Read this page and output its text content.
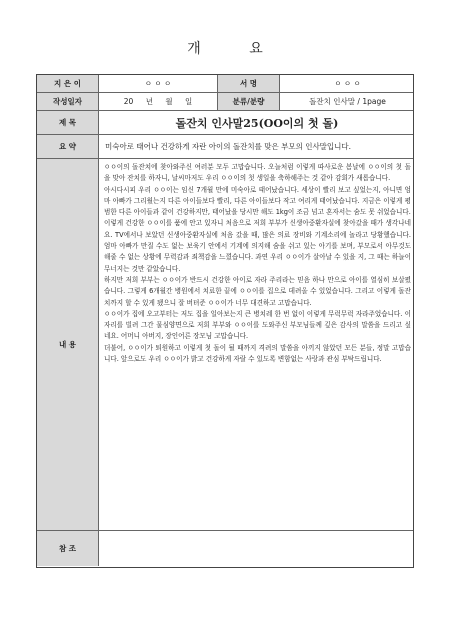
개 요
지 은 이	ㅇ ㅇ ㅇ	서 명	ㅇ ㅇ ㅇ
작성일자	20 년 월 일	분류/분량	돌잔치 인사말 / 1page
제 목	돌잔치 인사말25(OO이의 첫 돌)
요 약	미숙아로 태어나 건강하게 자란 아이의 돌잔치를 맞은 부모의 인사말입니다.
내 용

ㅇㅇ이의 돌잔치에 찾아와주신 여러분 모두 고맙습니다. 오늘처럼 이렇게 따사로운 봄날에 ㅇㅇ이의 첫 돌을 맞아 잔치를 하자니, 날씨마저도 우리 ㅇㅇ이의 첫 생일을 축하해주는 것 같아 감회가 새롭습니다.

아시다시피 우리 ㅇㅇ이는 임신 7개월 만에 미숙아로 태어났습니다. 세상이 빨리 보고 싶었는지, 아니면 엄마 아빠가 그리웠는지 다른 아이들보다 빨리, 다른 아이들보다 작고 여리게 태어났습니다. 지금은 이렇게 평범한 다른 아이들과 같이 건강하지만, 태어났을 당시만 해도 1kg이 조금 넘고 혼자서는 숨도 못 쉬었습니다.

이렇게 건강한 ㅇㅇ이를 품에 안고 있자니 처음으로 저희 부부가 신생아중환자실에 찾아갔을 때가 생각나네요. TV에서나 보았던 신생아중환자실에 처음 갔을 때, 많은 의료 장비와 기계소리에 놀라고 당황했습니다. 엄마 아빠가 만질 수도 없는 보육기 안에서 기계에 의지해 숨을 쉬고 있는 아기를 보며, 부모로서 아무것도 해줄 수 없는 상황에 무력감과 죄책감을 느꼈습니다. 과연 우리 ㅇㅇ이가 살아날 수 있을 지, 그 때는 하늘이 무너지는 것만 같았습니다.

하지만 저희 부부는 ㅇㅇ이가 반드시 건강한 아이로 자라 주리라는 믿음 하나 만으로 아이를 열심히 보살폈습니다. 그렇게 6개월간 병원에서 치료한 끝에 ㅇㅇ이를 집으로 데려올 수 있었습니다. 그리고 이렇게 돌잔치까지 할 수 있게 됐으니 잘 버텨준 ㅇㅇ이가 너무 대견하고 고맙습니다.

ㅇㅇ이가 집에 오고부터는 저도 집을 일아보는지 큰 병치레 한 번 없이 이렇게 무럭무럭 자라주었습니다. 이 자리를 빌려 그간 물심양면으로 저희 부부와 ㅇㅇ이를 도와주신 부모님들께 깊은 감사의 말씀을 드리고 싶네요. 어머니 아버지, 장인어른 장모님 고맙습니다.

더불어, ㅇㅇ이가 퇴원하고 이렇게 첫 돌이 될 때까지 격려의 말씀을 아끼지 않았던 모든 분들, 정말 고맙습니다. 앞으로도 우리 ㅇㅇ이가 밝고 건강하게 자랄 수 있도록 변함없는 사랑과 관심 부탁드립니다.

참 조
